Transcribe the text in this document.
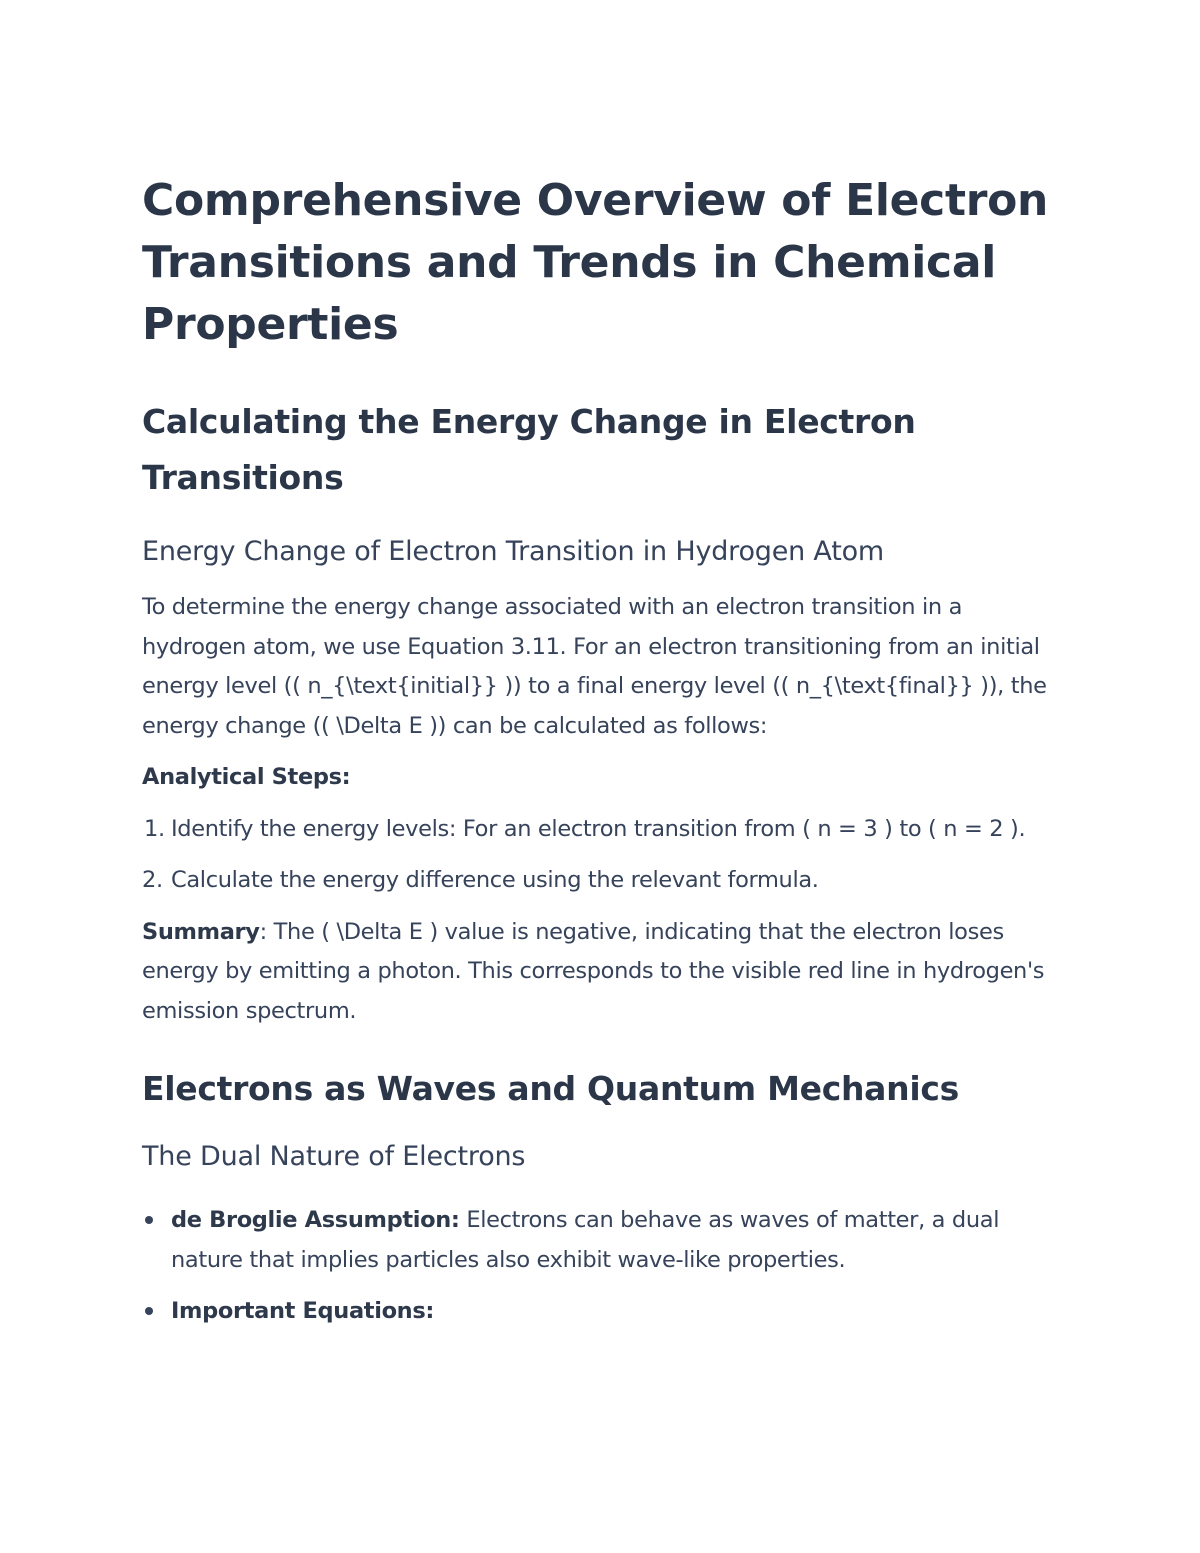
Comprehensive Overview of Electron Transitions and Trends in Chemical Properties
Calculating the Energy Change in Electron Transitions
Energy Change of Electron Transition in Hydrogen Atom

To determine the energy change associated with an electron transition in a hydrogen atom, we use Equation 3.11. For an electron transitioning from an initial energy level (( n_{\text{initial}} )) to a final energy level (( n_{\text{final}} )), the energy change (( \Delta E )) can be calculated as follows:

Analytical Steps:

1. Identify the energy levels: For an electron transition from ( n = 3 ) to ( n = 2 ).
2. Calculate the energy difference using the relevant formula.

Summary: The ( \Delta E ) value is negative, indicating that the electron loses energy by emitting a photon. This corresponds to the visible red line in hydrogen's emission spectrum.

Electrons as Waves and Quantum Mechanics
The Dual Nature of Electrons
de Broglie Assumption: Electrons can behave as waves of matter, a dual nature that implies particles also exhibit wave-like properties.
Important Equations:
